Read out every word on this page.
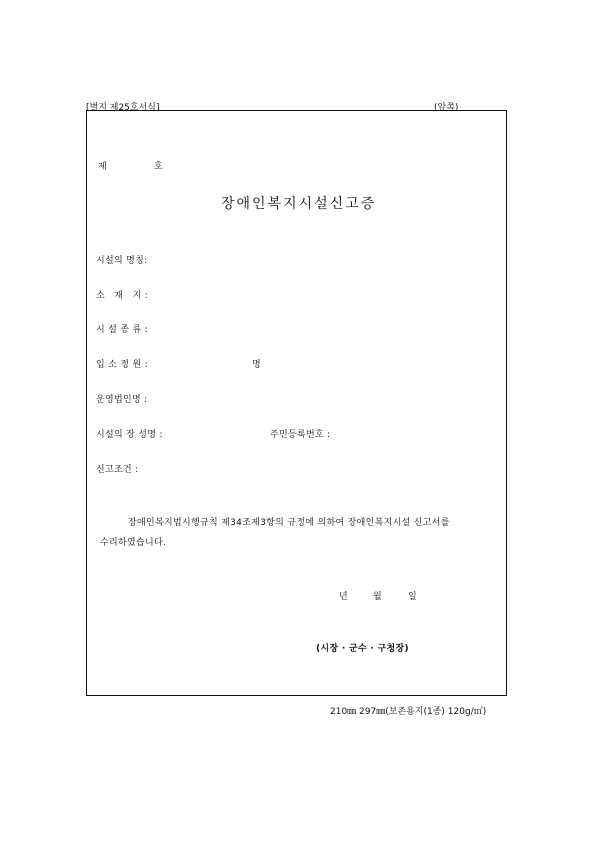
[별지 제25호서식]	(앞쪽)
제	호
장애인복지시설신고증
시설의 명칭:
소　재　지 :
시 설 종 류 :
입 소 정 원 :	명
운영법인명 :
시설의 장 성명 :	주민등록번호 :
신고조건 :
장애인복지법시행규칙 제34조제3항의 규정에 의하여 장애인복지시설 신고서를
수리하였습니다.
년	월	일
(시장 · 군수 · 구청장)
210㎜ 297㎜(보존용지(1종) 120g/㎡)
